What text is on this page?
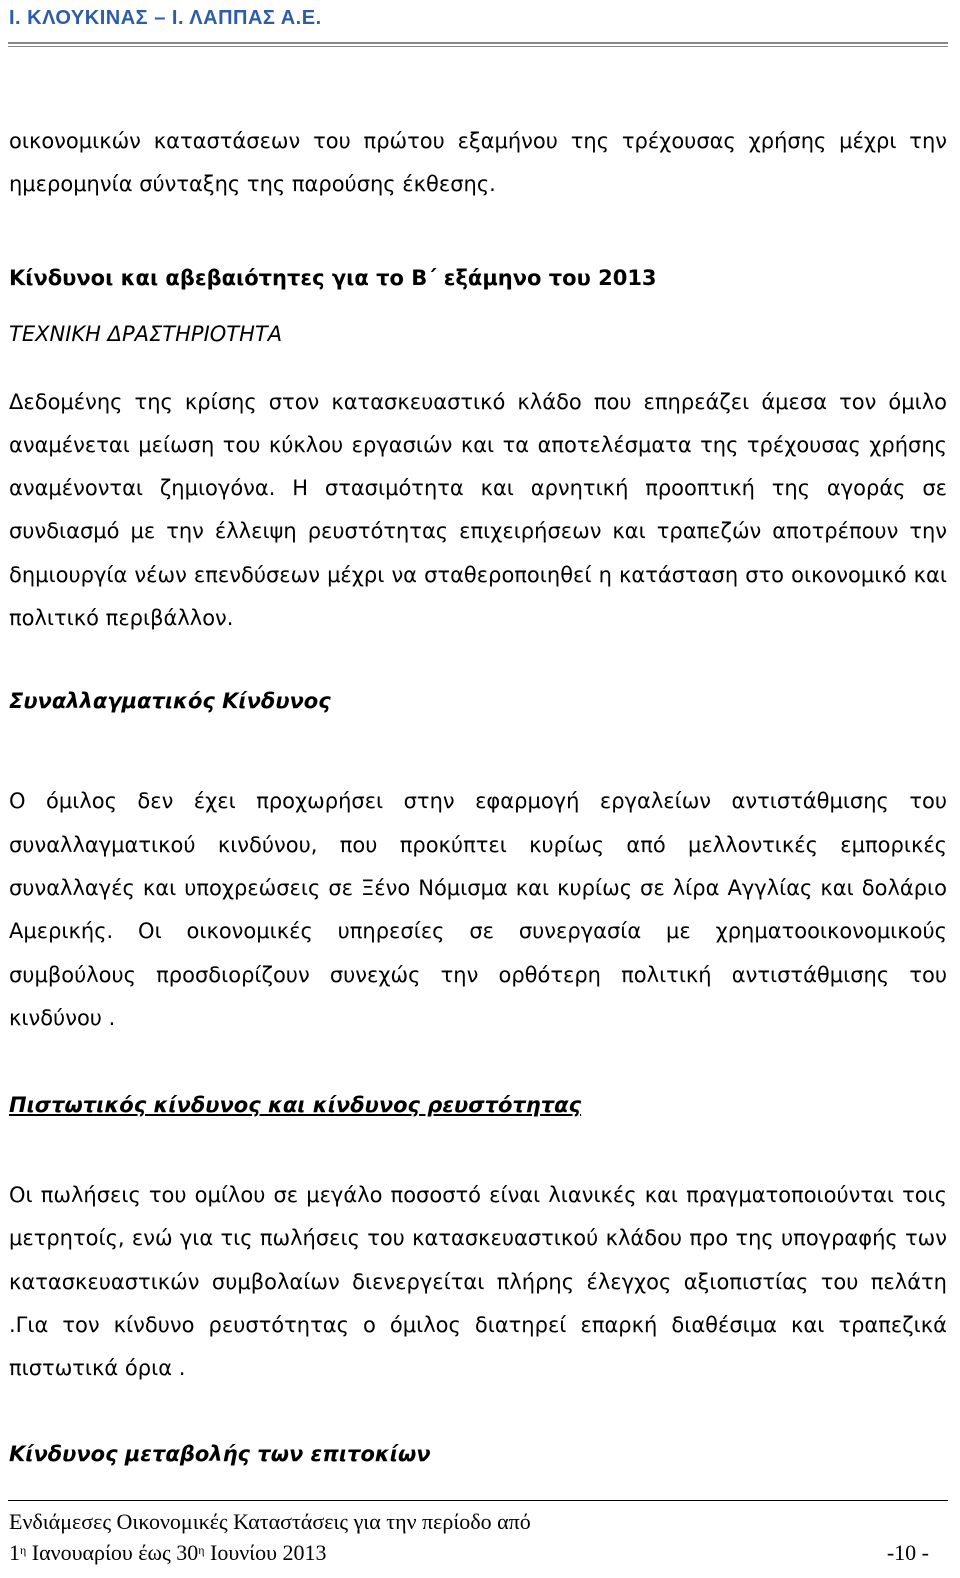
Ι. ΚΛΟΥΚΙΝΑΣ – Ι. ΛΑΠΠΑΣ Α.Ε.

οικονομικών καταστάσεων του πρώτου εξαμήνου της τρέχουσας χρήσης μέχρι την ημερομηνία σύνταξης της παρούσης έκθεσης.

Κίνδυνοι και αβεβαιότητες για το Β΄ εξάμηνο του 2013

ΤΕΧΝΙΚΗ ΔΡΑΣΤΗΡΙΟΤΗΤΑ

Δεδομένης της κρίσης στον κατασκευαστικό κλάδο που επηρεάζει άμεσα τον όμιλο αναμένεται μείωση του κύκλου εργασιών και τα αποτελέσματα της τρέχουσας χρήσης αναμένονται ζημιογόνα. Η στασιμότητα και αρνητική προοπτική της αγοράς σε συνδιασμό με την έλλειψη ρευστότητας επιχειρήσεων και τραπεζών αποτρέπουν την δημιουργία νέων επενδύσεων μέχρι να σταθεροποιηθεί η κατάσταση στο οικονομικό και πολιτικό περιβάλλον.

Συναλλαγματικός Κίνδυνος

Ο όμιλος δεν έχει προχωρήσει στην εφαρμογή εργαλείων αντιστάθμισης του συναλλαγματικού κινδύνου, που προκύπτει κυρίως από μελλοντικές εμπορικές συναλλαγές και υποχρεώσεις σε Ξένο Νόμισμα και κυρίως σε λίρα Αγγλίας και δολάριο Αμερικής. Οι οικονομικές υπηρεσίες σε συνεργασία με χρηματοοικονομικούς συμβούλους προσδιορίζουν συνεχώς την ορθότερη πολιτική αντιστάθμισης του κινδύνου .

Πιστωτικός κίνδυνος και κίνδυνος ρευστότητας

Οι πωλήσεις του ομίλου σε μεγάλο ποσοστό είναι λιανικές και πραγματοποιούνται τοις μετρητοίς, ενώ για τις πωλήσεις του κατασκευαστικού κλάδου προ της υπογραφής των κατασκευαστικών συμβολαίων διενεργείται πλήρης έλεγχος αξιοπιστίας του πελάτη .Για τον κίνδυνο ρευστότητας ο όμιλος διατηρεί επαρκή διαθέσιμα και τραπεζικά πιστωτικά όρια .

Κίνδυνος μεταβολής των επιτοκίων

Ενδιάμεσες Οικονομικές Καταστάσεις για την περίοδο από
$1^\eta$ Ιανουαρίου έως $30^\eta$ Ιουνίου 2013	-10 -
